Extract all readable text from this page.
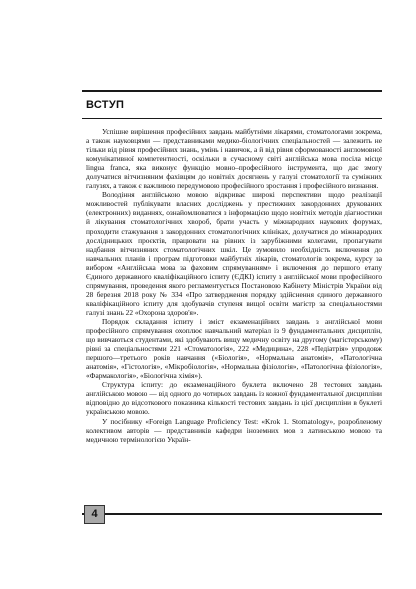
ВСТУП

Успішне вирішення професійних завдань майбутніми лікарями, стоматологами зокрема, а також науковцями — представниками медико-біологічних спеціальностей — залежить не тільки від рівня професійних знань, умінь і навичок, а й від рівня сформованості англомовної комунікативної компетентності, оскільки в сучасному світі англійська мова посіла місце lingua franca, яка виконує функцію мовно–професійного інструмента, що дає змогу долучатися вітчизняним фахівцям до новітніх досягнень у галузі стоматології та суміжних галузях, а також є важливою передумовою професійного зростання і професійного визнання.

Володіння англійською мовою відкриває широкі перспективи щодо реалізації можливостей публікувати власних досліджень у престижних закордонних друкованих (електронних) виданнях, ознайомлюватися з інформацією щодо новітніх методів діагностики й лікування стоматологічних хвороб, брати участь у міжнародних наукових форумах, проходити стажування з закордонних стоматологічних клініках, долучатися до міжнародних дослідницьких проєктів, працювати на рівних із зарубіжними колегами, пропагувати надбання вітчизняних стоматологічних шкіл. Це зумовило необхідність включення до навчальних планів і програм підготовки майбутніх лікарів, стоматологів зокрема, курсу за вибором «Англійська мова за фаховим спрямуванням» і включення до першого етапу Єдиного державного кваліфікаційного іспиту (ЄДКІ) іспиту з англійської мови професійного спрямування, проведення якого регламентується Постановою Кабінету Міністрів України від 28 березня 2018 року № 334 «Про затвердження порядку здійснення єдиного державного кваліфікаційного іспиту для здобувачів ступеня вищої освіти магістр за спеціальностями галузі знань 22 «Охорона здоров'я».

Порядок складання іспиту і зміст екзаменаційних завдань з англійської мови професійного спрямування охоплює навчальний матеріал із 9 фундаментальних дисциплін, що вивчаються студентами, які здобувають вищу медичну освіту на другому (магістерському) рівні за спеціальностями 221 «Стоматологія», 222 «Медицина», 228 «Педіатрія» упродовж першого—третього років навчання («Біологія», «Нормальна анатомія», «Патологічна анатомія», «Гістологія», «Мікробіологія», «Нормальна фізіологія», «Патологічна фізіологія», «Фармакологія», «Біологічна хімія»).

Структура іспиту: до екзаменаційного буклета включено 28 тестових завдань англійською мовою — від одного до чотирьох завдань із кожної фундаментальної дисципліни відповідно до відсоткового показника кількості тестових завдань із цієї дисципліни в буклеті українською мовою.

У посібнику «Foreign Language Proficiency Test: «Krok 1. Stomatology», розробленому колективом авторів — представників кафедри іноземних мов з латинською мовою та медичною термінологією Україн-

4
